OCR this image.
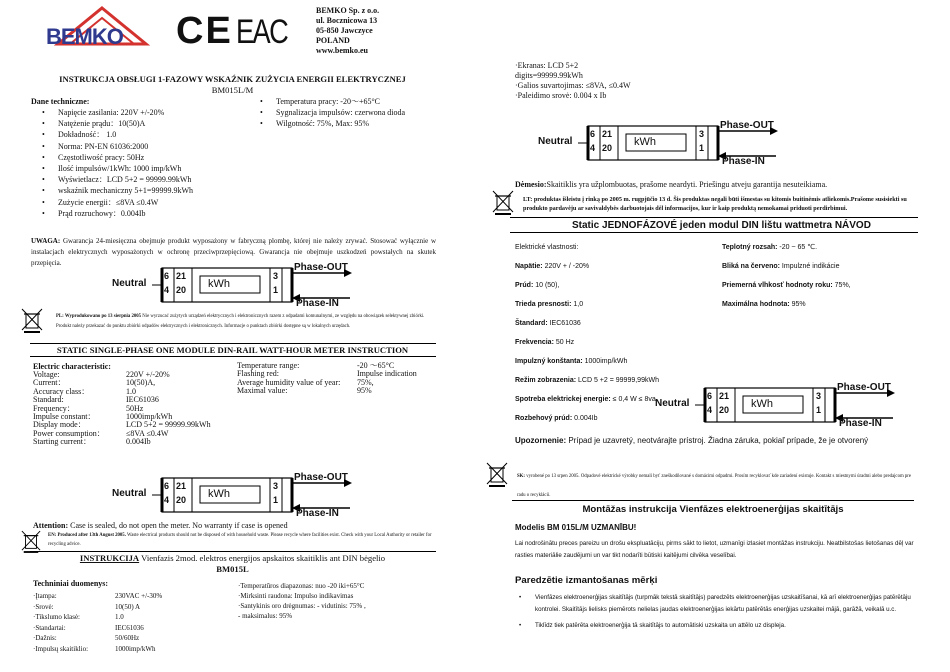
BEMKO CE EAC
BEMKO Sp. z o.o.
ul. Bocznicowa 13
05-850 Jawczyce
POLAND
www.bemko.eu
INSTRUKCJA OBSŁUGI 1-FAZOWY WSKAŹNIK ZUŻYCIA ENERGII ELEKTRYCZNEJ
BM015L/M
Dane techniczne:
• Napięcie zasilania: 220V +/-20%
• Natężenie prądu：10(50)A
• Dokładność： 1.0
• Norma: PN-EN 61036:2000
• Częstotliwość pracy: 50Hz
• Ilość impulsów/1kWh: 1000 imp/kWh
• Wyświetlacz：LCD 5+2 = 99999.99kWh
• wskaźnik mechaniczny 5+1=99999.9kWh
• Zużycie energii：≤8VA ≤0.4W
• Prąd rozruchowy：0.004Ib
• Temperatura pracy: -20～+65°C
• Sygnalizacja impulsów: czerwona dioda
• Wilgotność: 75%, Max: 95%
UWAGA: Gwarancja 24-miesięczna obejmuje produkt wyposażony w fabryczną plombę, której nie należy zrywać. Stosować wyłącznie w instalacjach elektrycznych wyposażonych w ochronę przeciwprzepięciową. Gwarancja nie obejmuje uszkodzeń powstałych na skutek przepięcia.
Neutral
6
4
21
20 kWh
3
1
Phase-OUT
Phase-IN
PL: Wyprodukowano po 13 sierpnia 2005 Nie wyrzucać zużytych urządzeń elektrycznych i elektronicznych razem z odpadami komunalnymi, ze względu na obowiązek selektywnej zbiórki. Produkt należy przekazać do punktu zbiórki odpadów elektrycznych i elektronicznych. Informacje o punktach zbiórki dostępne są w lokalnych urzędach.
STATIC SINGLE-PHASE ONE MODULE DIN-RAIL WATT-HOUR METER INSTRUCTION
Electric characteristic:
Voltage:	220V +/-20%
Current：	10(50)A,
Accuracy class：	1.0
Standard:	IEC61036
Frequency：	50Hz
Impulse constant：	1000imp/kWh
Display mode：	LCD 5+2 = 99999.99kWh
Power consumption：	≤8VA ≤0.4W
Starting current：	0.004Ib
Temperature range:	-20 ～65°C
Flashing red:	Impulse indication
Average humidity value of year:	75%,
Maximal value:	95%
Neutral
6
4
21
20 kWh
3
1
Phase-OUT
Phase-IN
Attention: Case is sealed, do not open the meter. No warranty if case is opened
EN: Produced after 13th August 2005. Waste electrical products should not be disposed of with household waste. Please recycle where facilities exist. Check with your Local Authority or retailer for recycling advice.
INSTRUKCIJA Vienfazis 2mod. elektros energijos apskaitos skaitiklis ant DIN bėgelio
BM015L
Techniniai duomenys:
·Įtampa:	230VAC +/-30%
·Srovė:	10(50) A
·Tikslumo klasė:	1.0
·Standartai:	IEC61036
·Dažnis:	50/60Hz
·Impulsų skaitiklio:	1000imp/kWh
·Temperatūros diapazonas: nuo -20 iki+65°C
·Mirksinti raudona: Impulso indikavimas
·Santykinis oro drėgnumas: - vidutinis: 75% ,
- maksimalus: 95%
·Ekranas: LCD 5+2
digits=99999.99kWh
·Galios suvartojimas: ≤8VA, ≤0.4W
·Paleidimo srovė: 0.004 x Ib
Neutral
6
4
21
20 kWh
3
1
Phase-OUT
Phase-IN
Dėmesio:Skaitiklis yra užplombuotas, prašome neardyti. Priešingu atveju garantija nesuteikiama.
LT: produktas išleistu į rinką po 2005 m. rugpjūčio 13 d. Šis produktas negali būti išmestas su kitomis buitinėmis atliekomis.Prašome susisiekti su produkto pardavėju ar savivaldybės darbuotojais dėl informacijos, kur ir kaip produktą nemokamai priduoti perdirbimui.
Static JEDNOFÁZOVÉ jeden modul DIN lištu wattmetra NÁVOD
Elektrické vlastnosti:
Napätie: 220V + / -20%
Prúd: 10 (50),
Trieda presnosti: 1,0
Štandard: IEC61036
Frekvencia: 50 Hz
Impulzný konštanta: 1000imp/kWh
Režim zobrazenia: LCD 5 +2 = 99999,99kWh
Spotreba elektrickej energie: ≤ 0,4 W ≤ 8va
Rozbehový prúd: 0.004Ib
Teplotný rozsah: -20 ~ 65 ℃.
Bliká na červeno: Impulzné indikácie
Priemerná vlhkosť hodnoty roku: 75%,
Maximálna hodnota: 95%
Neutral
6
4
21
20 kWh
3
1
Phase-OUT
Phase-IN
Upozornenie: Prípad je uzavretý, neotvárajte prístroj. Žiadna záruka, pokiaľ prípade, že je otvorený
SK: vyrobené po 13 srpen 2005. Odpadové elektrické výrobky nemali byť zneškodňované s domácimi odpadmi. Prosím recyklovať kde zariadení existuje. Kontakt s miestnymi úradmi alebo predajcom pre radu o recyklácii.
Montāžas instrukcija Vienfāzes elektroenerģijas skaitītājs
Modelis BM 015L/M UZMANĪBU!
Lai nodrošinātu preces pareizu un drošu ekspluatāciju, pirms sākt to lietot, uzmanīgi izlasiet montāžas instrukciju. Neatbilstošas lietošanas dēļ var rasties materiālie zaudējumi un var tikt nodarīti būtiski kaitējumi cilvēka veselībai.
Paredzētie izmantošanas mērķi
• Vienfāzes elektroenerģijas skaitītājs (turpmāk tekstā skaitītājs) paredzēts elektroenerģijas uzskaitīšanai, kā arī elektroenerģijas patērētāju kontrolei. Skaitītājs lielisks piemērots nelielas jaudas elektroenerģijas iekārtu patērētās enerģijas uzskaitei mājā, garāžā, veikalā u.c.
• Tiklīdz tiek patērēta elektroenerģija tā skaitītājs to automātiski uzskaita un attēlo uz displeja.
